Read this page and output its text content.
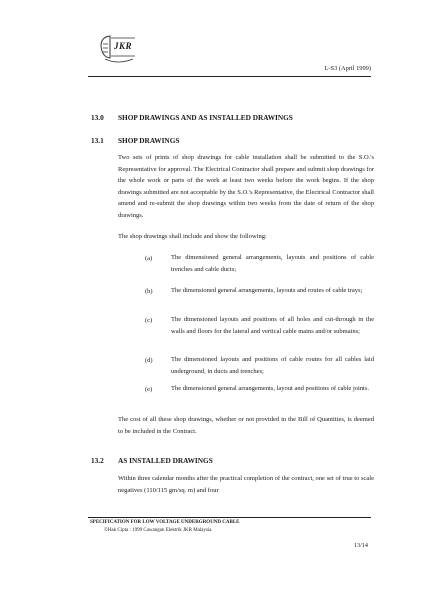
JKR
L-S3 (April 1999)
13.0 SHOP DRAWINGS AND AS INSTALLED DRAWINGS
13.1 SHOP DRAWINGS
Two sets of prints of shop drawings for cable installation shall be submitted to the S.O.'s Representative for approval. The Electrical Contractor shall prepare and submit shop drawings for the whole work or parts of the work at least two weeks before the work begins. If the shop drawings submitted are not acceptable by the S.O.'s Representative, the Electrical Contractor shall amend and re-submit the shop drawings within two weeks from the date of return of the shop drawings.
The shop drawings shall include and show the following:
(a)	The dimensioned general arrangements, layouts and positions of cable trenches and cable ducts;
(b)	The dimensioned general arrangements, layouts and routes of cable trays;
(c)	The dimensioned layouts and positions of all holes and cut-through in the walls and floors for the lateral and vertical cable mains and/or submains;
(d)	The dimensioned layouts and positions of cable routes for all cables laid underground, in ducts and trenches;
(e)	The dimensioned general arrangements, layout and positions of cable joints.
The cost of all these shop drawings, whether or not provided in the Bill of Quantities, is deemed to be included in the Contract.
13.2 AS INSTALLED DRAWINGS
Within three calendar months after the practical completion of the contract, one set of true to scale negatives (110/115 gm/sq. m) and four
SPECIFICATION FOR LOW VOLTAGE UNDERGROUND CABLE
©Hak Cipta : 1999 Cawangan Elektrik JKR Malaysia
13/14
